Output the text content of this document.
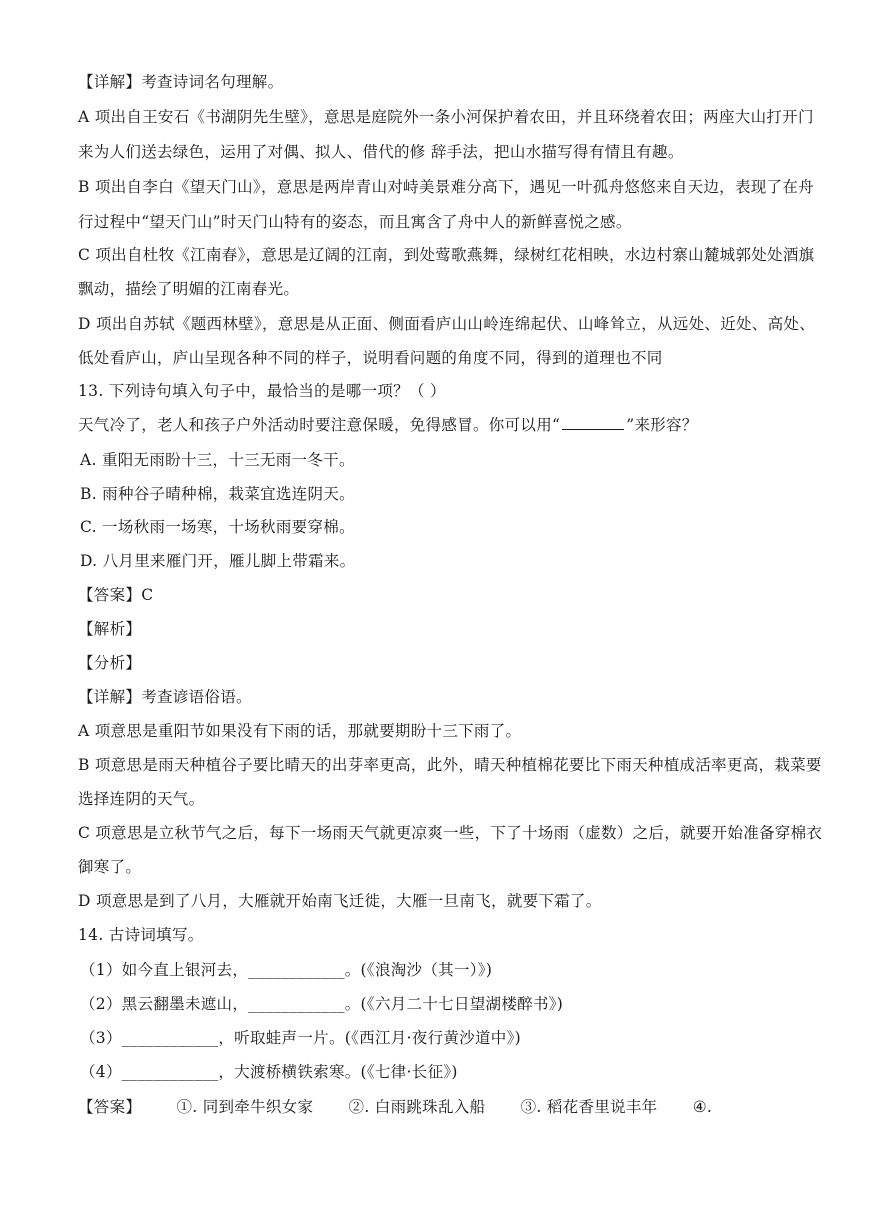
【详解】考查诗词名句理解。
A 项出自王安石《书湖阴先生壁》，意思是庭院外一条小河保护着农田，并且环绕着农田；两座大山打开门
来为人们送去绿色，运用了对偶、拟人、借代的修 辞手法，把山水描写得有情且有趣。
B 项出自李白《望天门山》，意思是两岸青山对峙美景难分高下，遇见一叶孤舟悠悠来自天边，表现了在舟
行过程中“望天门山”时天门山特有的姿态，而且寓含了舟中人的新鲜喜悦之感。
C 项出自杜牧《江南春》，意思是辽阔的江南，到处莺歌燕舞，绿树红花相映，水边村寨山麓城郭处处酒旗
飘动，描绘了明媚的江南春光。
D 项出自苏轼《题西林壁》，意思是从正面、侧面看庐山山岭连绵起伏、山峰耸立，从远处、近处、高处、
低处看庐山，庐山呈现各种不同的样子，说明看问题的角度不同，得到的道理也不同
13. 下列诗句填入句子中，最恰当的是哪一项？（ ）
天气冷了，老人和孩子户外活动时要注意保暖，免得感冒。你可以用“	”来形容？
A. 重阳无雨盼十三，十三无雨一冬干。
B. 雨种谷子晴种棉，栽菜宜选连阴天。
C. 一场秋雨一场寒，十场秋雨要穿棉。
D. 八月里来雁门开，雁儿脚上带霜来。
【答案】C
【解析】
【分析】
【详解】考查谚语俗语。
A 项意思是重阳节如果没有下雨的话，那就要期盼十三下雨了。
B 项意思是雨天种植谷子要比晴天的出芽率更高，此外，晴天种植棉花要比下雨天种植成活率更高，栽菜要
选择连阴的天气。
C 项意思是立秋节气之后，每下一场雨天气就更凉爽一些，下了十场雨（虚数）之后，就要开始准备穿棉衣
御寒了。
D 项意思是到了八月，大雁就开始南飞迁徙，大雁一旦南飞，就要下霜了。
14. 古诗词填写。
（1）如今直上银河去，____________。(《浪淘沙（其一）》)
（2）黑云翻墨未遮山，____________。(《六月二十七日望湖楼醉书》)
（3）____________，听取蛙声一片。(《西江月·夜行黄沙道中》)
（4）____________，大渡桥横铁索寒。(《七律·长征》)
【答案】 ①. 同到牵牛织女家 ②. 白雨跳珠乱入船 ③. 稻花香里说丰年 ④.
